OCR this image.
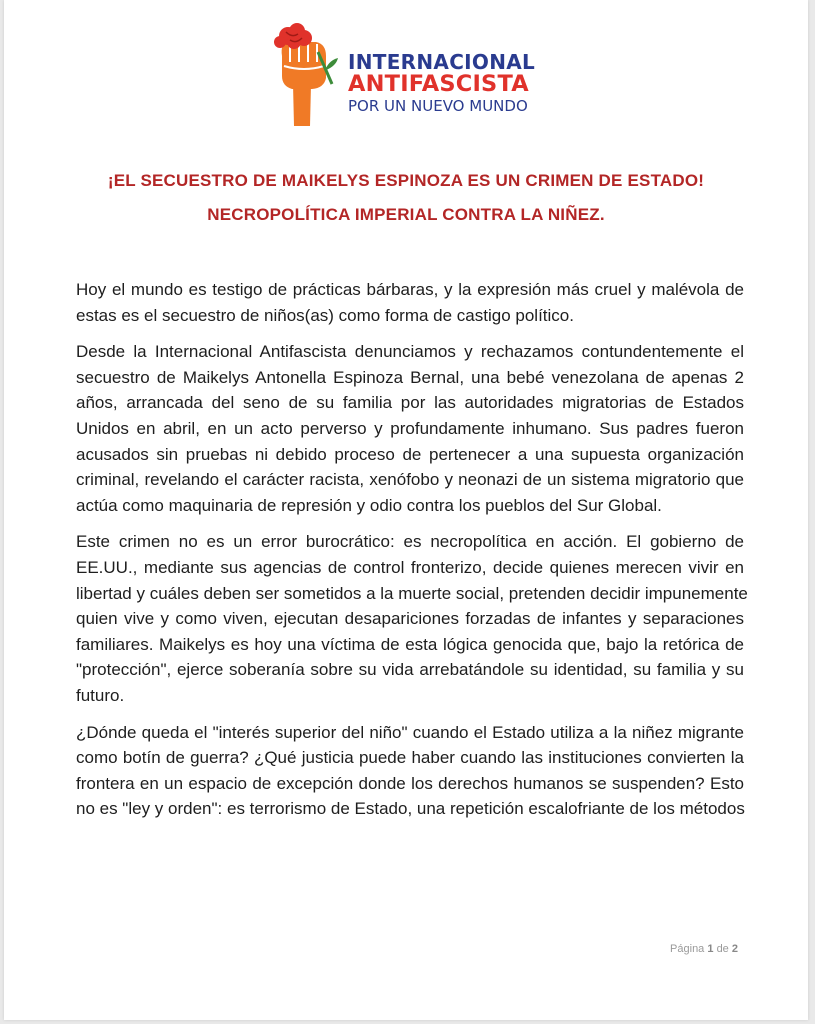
INTERNACIONAL
ANTIFASCISTA
POR UN NUEVO MUNDO
¡EL SECUESTRO DE MAIKELYS ESPINOZA ES UN CRIMEN DE ESTADO!
NECROPOLÍTICA IMPERIAL CONTRA LA NIÑEZ.

Hoy el mundo es testigo de prácticas bárbaras, y la expresión más cruel y malévola de
estas es el secuestro de niños(as) como forma de castigo político.

Desde la Internacional Antifascista denunciamos y rechazamos contundentemente el
secuestro de Maikelys Antonella Espinoza Bernal, una bebé venezolana de apenas 2
años, arrancada del seno de su familia por las autoridades migratorias de Estados
Unidos en abril, en un acto perverso y profundamente inhumano. Sus padres fueron
acusados sin pruebas ni debido proceso de pertenecer a una supuesta organización
criminal, revelando el carácter racista, xenófobo y neonazi de un sistema migratorio que
actúa como maquinaria de represión y odio contra los pueblos del Sur Global.

Este crimen no es un error burocrático: es necropolítica en acción. El gobierno de
EE.UU., mediante sus agencias de control fronterizo, decide quienes merecen vivir en
libertad y cuáles deben ser sometidos a la muerte social, pretenden decidir impunemente
quien vive y como viven, ejecutan desapariciones forzadas de infantes y separaciones
familiares. Maikelys es hoy una víctima de esta lógica genocida que, bajo la retórica de
"protección", ejerce soberanía sobre su vida arrebatándole su identidad, su familia y su
futuro.

¿Dónde queda el "interés superior del niño" cuando el Estado utiliza a la niñez migrante
como botín de guerra? ¿Qué justicia puede haber cuando las instituciones convierten la
frontera en un espacio de excepción donde los derechos humanos se suspenden? Esto
no es "ley y orden": es terrorismo de Estado, una repetición escalofriante de los métodos

Página 1 de 2
